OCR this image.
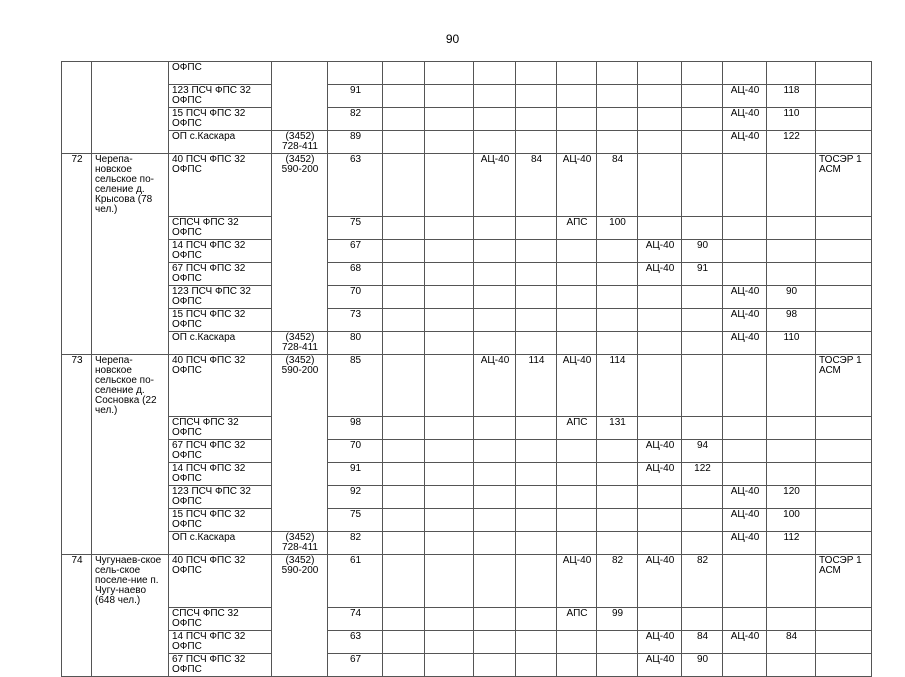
90
		ОФПС													
		123 ПСЧ ФПС 32 ОФПС		91									АЦ-40	118	
		15 ПСЧ ФПС 32 ОФПС		82									АЦ-40	110	
		ОП с.Каскара	(3452) 728-411	89									АЦ-40	122	
72	Черепа-новское сельское по-селение д. Крысова (78 чел.)	40 ПСЧ ФПС 32 ОФПС	(3452) 590-200	63			АЦ-40	84	АЦ-40	84					ТОСЭР 1 АСМ
		СПСЧ ФПС 32 ОФПС		75					АПС	100					
		14 ПСЧ ФПС 32 ОФПС		67							АЦ-40	90			
		67 ПСЧ ФПС 32 ОФПС		68							АЦ-40	91			
		123 ПСЧ ФПС 32 ОФПС		70									АЦ-40	90	
		15 ПСЧ ФПС 32 ОФПС		73									АЦ-40	98	
		ОП с.Каскара	(3452) 728-411	80									АЦ-40	110	
73	Черепа-новское сельское по-селение д. Сосновка (22 чел.)	40 ПСЧ ФПС 32 ОФПС	(3452) 590-200	85			АЦ-40	114	АЦ-40	114					ТОСЭР 1 АСМ
		СПСЧ ФПС 32 ОФПС		98					АПС	131					
		67 ПСЧ ФПС 32 ОФПС		70							АЦ-40	94			
		14 ПСЧ ФПС 32 ОФПС		91							АЦ-40	122			
		123 ПСЧ ФПС 32 ОФПС		92									АЦ-40	120	
		15 ПСЧ ФПС 32 ОФПС		75									АЦ-40	100	
		ОП с.Каскара	(3452) 728-411	82									АЦ-40	112	
74	Чугунаев-ское сель-ское поселе-ние п. Чугу-наево (648 чел.)	40 ПСЧ ФПС 32 ОФПС	(3452) 590-200	61					АЦ-40	82	АЦ-40	82			ТОСЭР 1 АСМ
		СПСЧ ФПС 32 ОФПС		74					АПС	99					
		14 ПСЧ ФПС 32 ОФПС		63							АЦ-40	84	АЦ-40	84	
		67 ПСЧ ФПС 32 ОФПС		67							АЦ-40	90			
